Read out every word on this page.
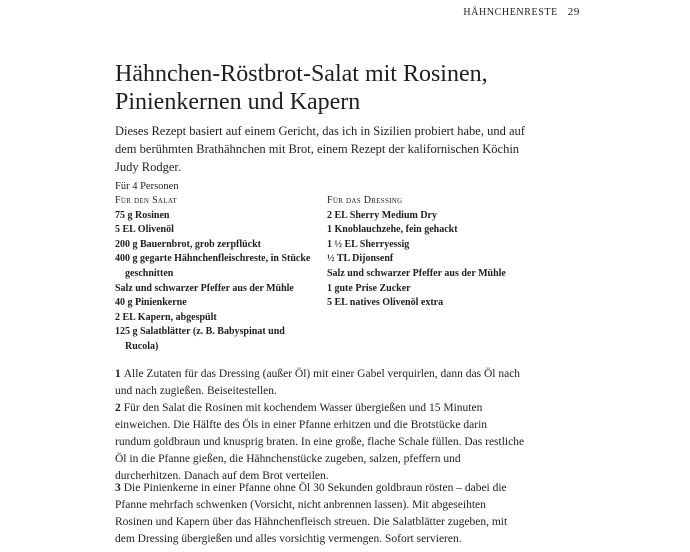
HÄHNCHENRESTE 29
Hähnchen-Röstbrot-Salat mit Rosinen,
Pinienkernen und Kapern

Dieses Rezept basiert auf einem Gericht, das ich in Sizilien probiert habe, und auf dem berühmten Brathähnchen mit Brot, einem Rezept der kalifornischen Köchin Judy Rodger.

Für 4 Personen
Für den Salat

75 g Rosinen

5 EL Olivenöl

200 g Bauernbrot, grob zerpflückt

400 g gegarte Hähnchenfleischreste, in Stücke

geschnitten

Salz und schwarzer Pfeffer aus der Mühle

40 g Pinienkerne

2 EL Kapern, abgespült

125 g Salatblätter (z. B. Babyspinat und

Rucola)

Für das Dressing

2 EL Sherry Medium Dry

1 Knoblauchzehe, fein gehackt

1 ½ EL Sherryessig

½ TL Dijonsenf

Salz und schwarzer Pfeffer aus der Mühle

1 gute Prise Zucker

5 EL natives Olivenöl extra

1 Alle Zutaten für das Dressing (außer Öl) mit einer Gabel verquirlen, dann das Öl nach und nach zugießen. Beiseitestellen.

2 Für den Salat die Rosinen mit kochendem Wasser übergießen und 15 Minuten einweichen. Die Hälfte des Öls in einer Pfanne erhitzen und die Brotstücke darin rundum goldbraun und knusprig braten. In eine große, flache Schale füllen. Das restliche Öl in die Pfanne gießen, die Hähnchenstücke zugeben, salzen, pfeffern und durcherhitzen. Danach auf dem Brot verteilen.

3 Die Pinienkerne in einer Pfanne ohne Öl 30 Sekunden goldbraun rösten – dabei die Pfanne mehrfach schwenken (Vorsicht, nicht anbrennen lassen). Mit abgeseihten Rosinen und Kapern über das Hähnchenfleisch streuen. Die Salatblätter zugeben, mit dem Dressing übergießen und alles vorsichtig vermengen. Sofort servieren.
